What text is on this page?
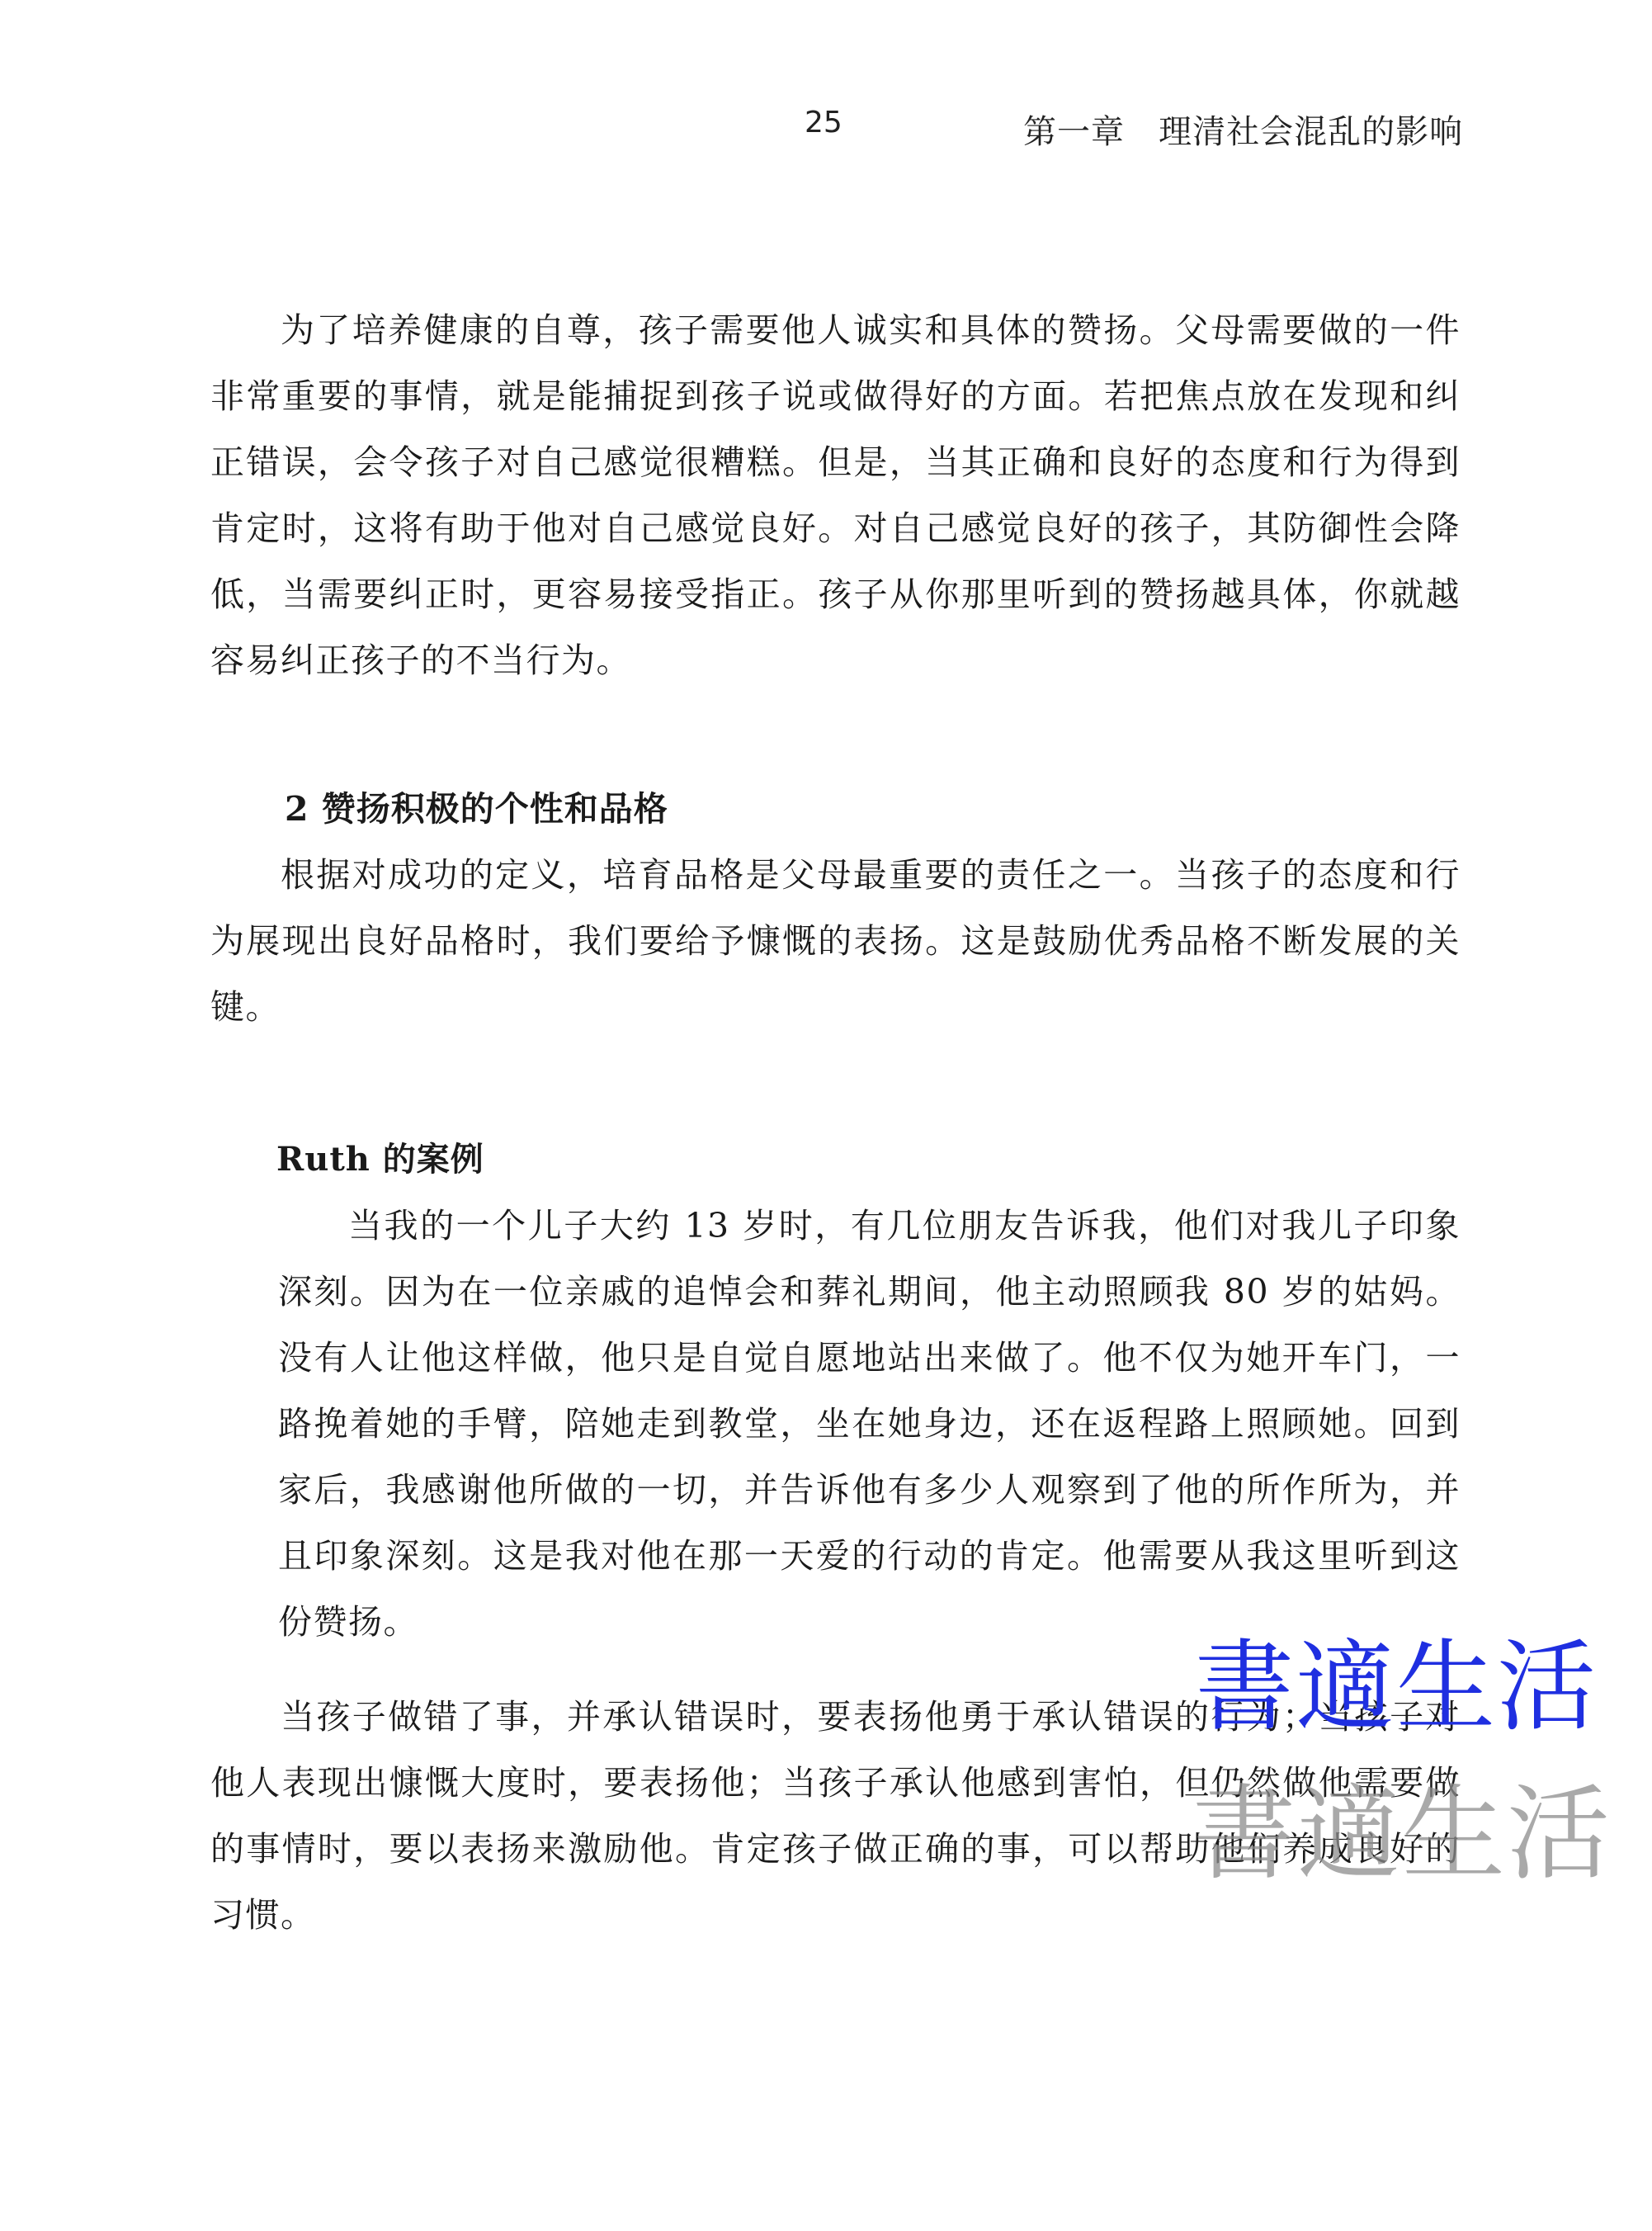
25	第一章   理清社会混乱的影响

为了培养健康的自尊，孩子需要他人诚实和具体的赞扬。父母需要做的一件非常重要的事情，就是能捕捉到孩子说或做得好的方面。若把焦点放在发现和纠正错误，会令孩子对自己感觉很糟糕。但是，当其正确和良好的态度和行为得到肯定时，这将有助于他对自己感觉良好。对自己感觉良好的孩子，其防御性会降低，当需要纠正时，更容易接受指正。孩子从你那里听到的赞扬越具体，你就越容易纠正孩子的不当行为。

2 赞扬积极的个性和品格

根据对成功的定义，培育品格是父母最重要的责任之一。当孩子的态度和行为展现出良好品格时，我们要给予慷慨的表扬。这是鼓励优秀品格不断发展的关键。

Ruth 的案例

当我的一个儿子大约 13 岁时，有几位朋友告诉我，他们对我儿子印象深刻。因为在一位亲戚的追悼会和葬礼期间，他主动照顾我 80 岁的姑妈。没有人让他这样做，他只是自觉自愿地站出来做了。他不仅为她开车门，一路挽着她的手臂，陪她走到教堂，坐在她身边，还在返程路上照顾她。回到家后，我感谢他所做的一切，并告诉他有多少人观察到了他的所作所为，并且印象深刻。这是我对他在那一天爱的行动的肯定。他需要从我这里听到这份赞扬。

当孩子做错了事，并承认错误时，要表扬他勇于承认错误的行为；当孩子对他人表现出慷慨大度时，要表扬他；当孩子承认他感到害怕，但仍然做他需要做的事情时，要以表扬来激励他。肯定孩子做正确的事，可以帮助他们养成良好的习惯。

書適生活
書適生活
